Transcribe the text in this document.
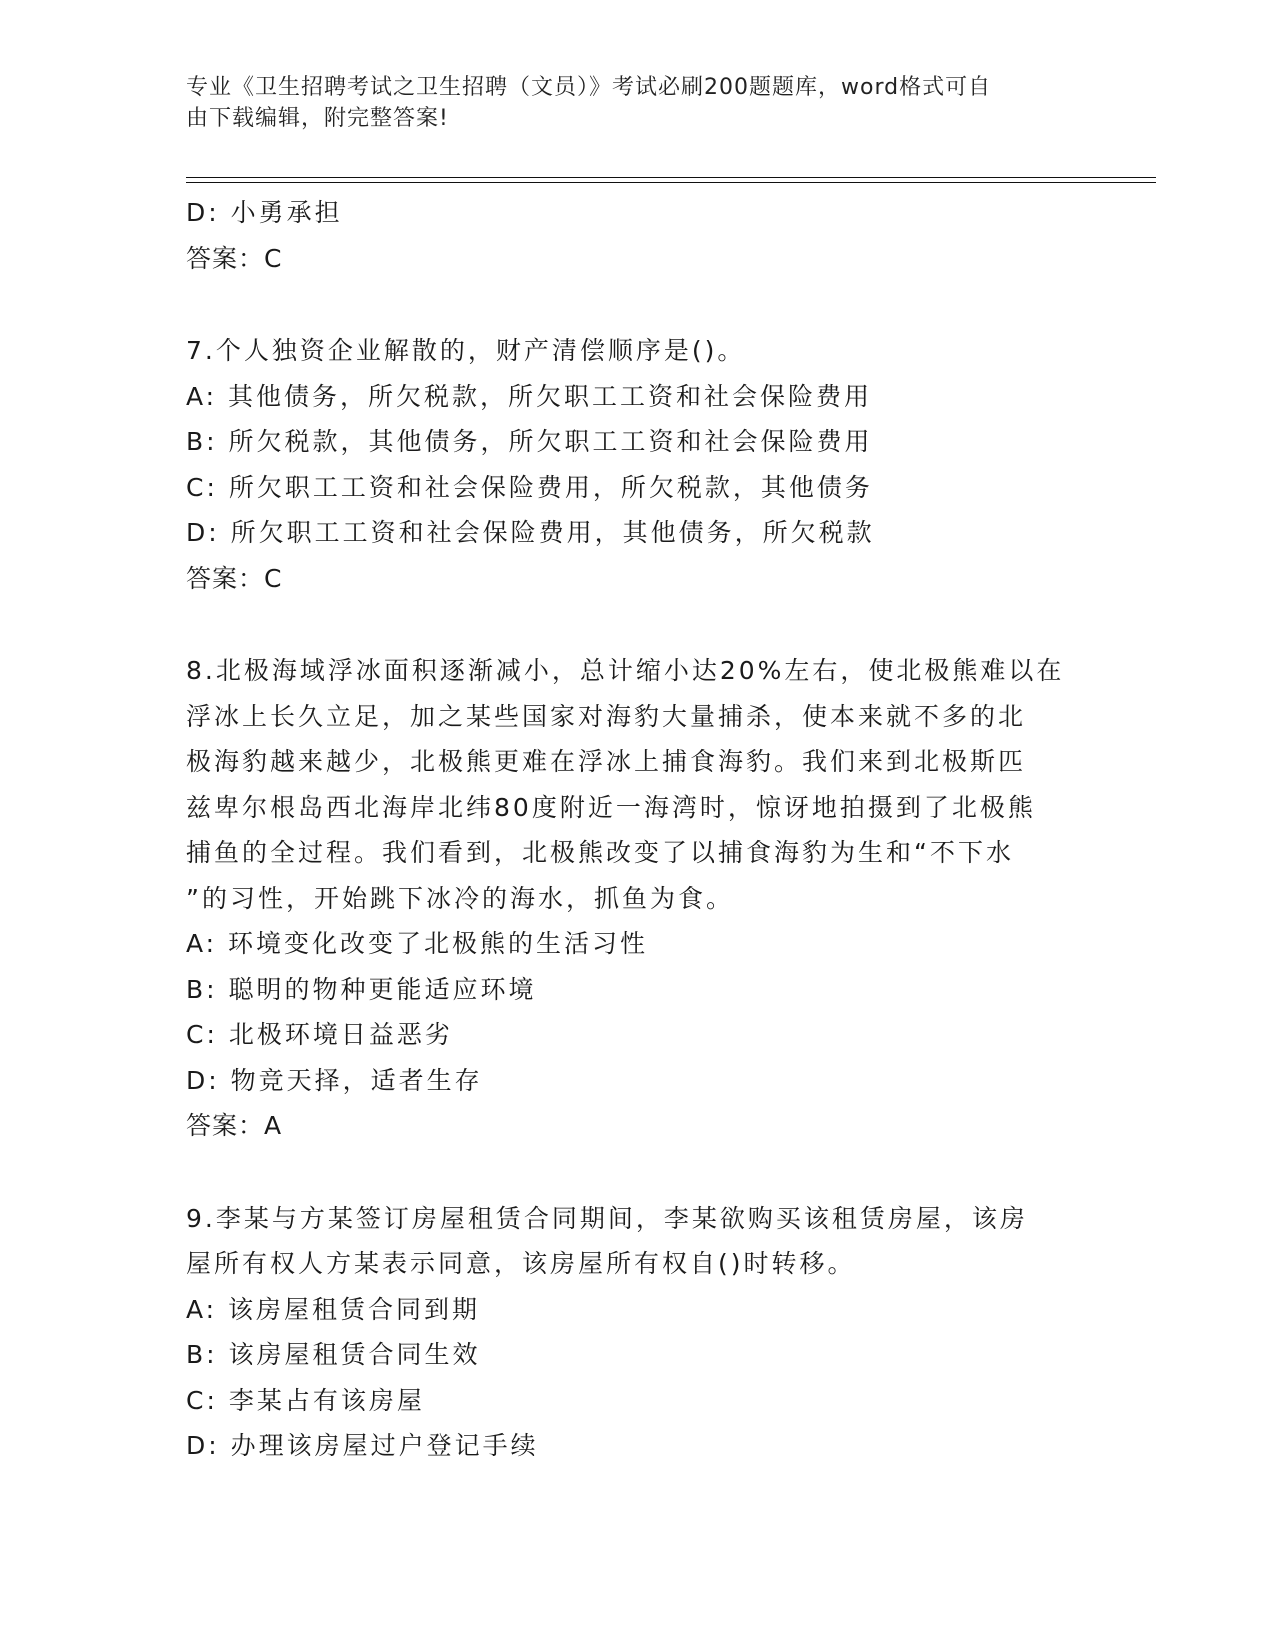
专业《卫生招聘考试之卫生招聘（文员）》考试必刷200题题库，word格式可自
由下载编辑，附完整答案!
D: 小勇承担
答案：C
7.个人独资企业解散的，财产清偿顺序是()。
A: 其他债务，所欠税款，所欠职工工资和社会保险费用
B: 所欠税款，其他债务，所欠职工工资和社会保险费用
C: 所欠职工工资和社会保险费用，所欠税款，其他债务
D: 所欠职工工资和社会保险费用，其他债务，所欠税款
答案：C
8.北极海域浮冰面积逐渐减小，总计缩小达20%左右，使北极熊难以在
浮冰上长久立足，加之某些国家对海豹大量捕杀，使本来就不多的北
极海豹越来越少，北极熊更难在浮冰上捕食海豹。我们来到北极斯匹
兹卑尔根岛西北海岸北纬80度附近一海湾时，惊讶地拍摄到了北极熊
捕鱼的全过程。我们看到，北极熊改变了以捕食海豹为生和“不下水
”的习性，开始跳下冰冷的海水，抓鱼为食。
A: 环境变化改变了北极熊的生活习性
B: 聪明的物种更能适应环境
C: 北极环境日益恶劣
D: 物竞天择，适者生存
答案：A
9.李某与方某签订房屋租赁合同期间，李某欲购买该租赁房屋，该房
屋所有权人方某表示同意，该房屋所有权自()时转移。
A: 该房屋租赁合同到期
B: 该房屋租赁合同生效
C: 李某占有该房屋
D: 办理该房屋过户登记手续
